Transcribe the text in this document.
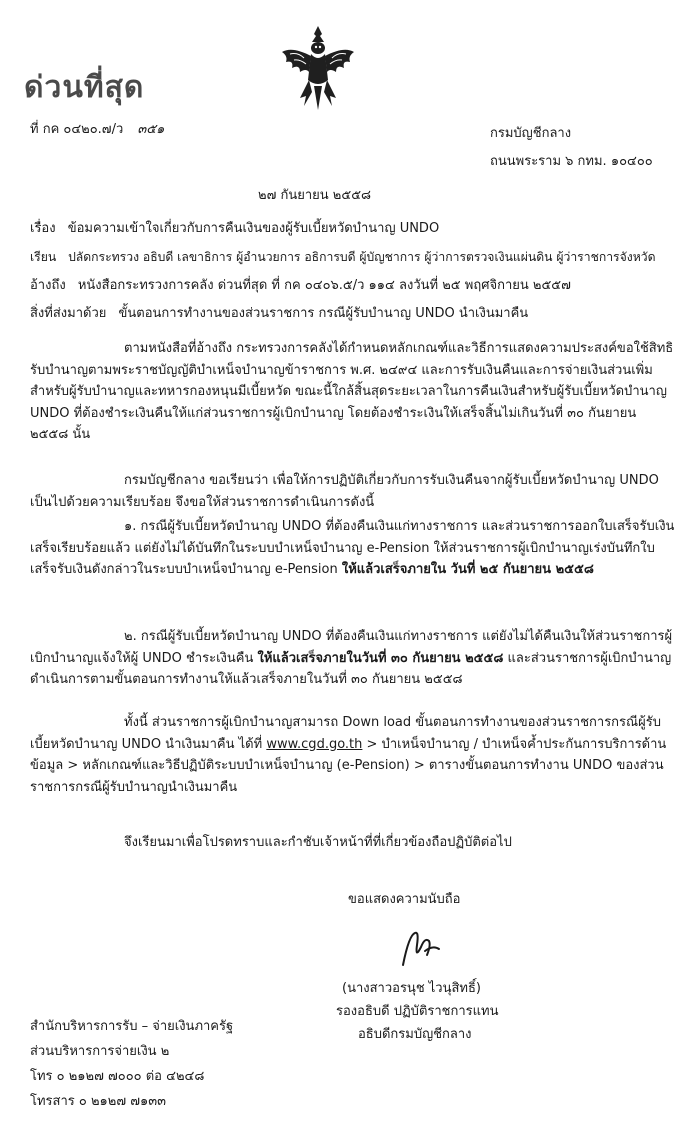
ด่วนที่สุด
ที่ กค ๐๔๒๐.๗/ว ๓๕๑	กรมบัญชีกลาง
ถนนพระราม ๖ กทม. ๑๐๔๐๐
๒๗ กันยายน ๒๕๕๘
เรื่อง ข้อมความเข้าใจเกี่ยวกับการคืนเงินของผู้รับเบี้ยหวัดบำนาญ UNDO
เรียน ปลัดกระทรวง อธิบดี เลขาธิการ ผู้อำนวยการ อธิการบดี ผู้บัญชาการ ผู้ว่าการตรวจเงินแผ่นดิน ผู้ว่าราชการจังหวัด
อ้างถึง หนังสือกระทรวงการคลัง ด่วนที่สุด ที่ กค ๐๔๐๖.๕/ว ๑๑๔ ลงวันที่ ๒๕ พฤศจิกายน ๒๕๕๗
สิ่งที่ส่งมาด้วย ขั้นตอนการทำงานของส่วนราชการ กรณีผู้รับบำนาญ UNDO นำเงินมาคืน

ตามหนังสือที่อ้างถึง กระทรวงการคลังได้กำหนดหลักเกณฑ์และวิธีการแสดงความประสงค์ขอใช้สิทธิรับบำนาญตามพระราชบัญญัติบำเหน็จบำนาญข้าราชการ พ.ศ. ๒๔๙๔ และการรับเงินคืนและการจ่ายเงินส่วนเพิ่ม สำหรับผู้รับบำนาญและทหารกองหนุนมีเบี้ยหวัด ขณะนี้ใกล้สิ้นสุดระยะเวลาในการคืนเงินสำหรับผู้รับเบี้ยหวัดบำนาญ UNDO ที่ต้องชำระเงินคืนให้แก่ส่วนราชการผู้เบิกบำนาญ โดยต้องชำระเงินให้เสร็จสิ้นไม่เกินวันที่ ๓๐ กันยายน ๒๕๕๘ นั้น

กรมบัญชีกลาง ขอเรียนว่า เพื่อให้การปฏิบัติเกี่ยวกับการรับเงินคืนจากผู้รับเบี้ยหวัดบำนาญ UNDO เป็นไปด้วยความเรียบร้อย จึงขอให้ส่วนราชการดำเนินการดังนี้

๑. กรณีผู้รับเบี้ยหวัดบำนาญ UNDO ที่ต้องคืนเงินแก่ทางราชการ และส่วนราชการออกใบเสร็จรับเงินเสร็จเรียบร้อยแล้ว แต่ยังไม่ได้บันทึกในระบบบำเหน็จบำนาญ e-Pension ให้ส่วนราชการผู้เบิกบำนาญเร่งบันทึกใบเสร็จรับเงินดังกล่าวในระบบบำเหน็จบำนาญ e-Pension ให้แล้วเสร็จภายใน วันที่ ๒๕ กันยายน ๒๕๕๘

๒. กรณีผู้รับเบี้ยหวัดบำนาญ UNDO ที่ต้องคืนเงินแก่ทางราชการ แต่ยังไม่ได้คืนเงินให้ส่วนราชการผู้เบิกบำนาญแจ้งให้ผู้ UNDO ชำระเงินคืน ให้แล้วเสร็จภายในวันที่ ๓๐ กันยายน ๒๕๕๘ และส่วนราชการผู้เบิกบำนาญดำเนินการตามขั้นตอนการทำงานให้แล้วเสร็จภายในวันที่ ๓๐ กันยายน ๒๕๕๘

ทั้งนี้ ส่วนราชการผู้เบิกบำนาญสามารถ Down load ขั้นตอนการทำงานของส่วนราชการกรณีผู้รับเบี้ยหวัดบำนาญ UNDO นำเงินมาคืน ได้ที่ www.cgd.go.th > บำเหน็จบำนาญ / บำเหน็จค้ำประกันการบริการด้านข้อมูล > หลักเกณฑ์และวิธีปฏิบัติระบบบำเหน็จบำนาญ (e-Pension) > ตารางขั้นตอนการทำงาน UNDO ของส่วนราชการกรณีผู้รับบำนาญนำเงินมาคืน

จึงเรียนมาเพื่อโปรดทราบและกำชับเจ้าหน้าที่ที่เกี่ยวข้องถือปฏิบัติต่อไป

ขอแสดงความนับถือ
(นางสาวอรนุช ไวนุสิทธิ์)
รองอธิบดี ปฏิบัติราชการแทน
อธิบดีกรมบัญชีกลาง
สำนักบริหารการรับ – จ่ายเงินภาครัฐ
ส่วนบริหารการจ่ายเงิน ๒
โทร ๐ ๒๑๒๗ ๗๐๐๐ ต่อ ๔๒๔๘
โทรสาร ๐ ๒๑๒๗ ๗๑๓๓
